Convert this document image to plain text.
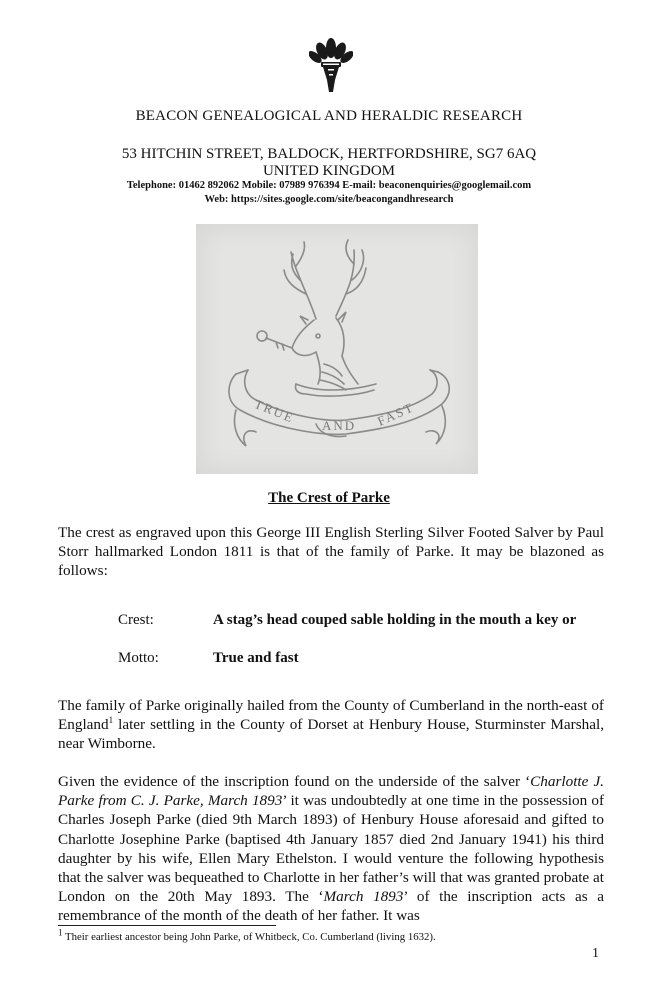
BEACON GENEALOGICAL AND HERALDIC RESEARCH
53 HITCHIN STREET, BALDOCK, HERTFORDSHIRE, SG7 6AQ
UNITED KINGDOM
Telephone: 01462 892062 Mobile: 07989 976394 E-mail: beaconenquiries@googlemail.com
Web: https://sites.google.com/site/beacongandhresearch
TRUE AND FAST
The Crest of Parke
The crest as engraved upon this George III English Sterling Silver Footed Salver by Paul Storr hallmarked London 1811 is that of the family of Parke. It may be blazoned as follows:
Crest:	A stag’s head couped sable holding in the mouth a key or
Motto:	True and fast
The family of Parke originally hailed from the County of Cumberland in the north-east of England$^1$ later settling in the County of Dorset at Henbury House, Sturminster Marshal, near Wimborne.
Given the evidence of the inscription found on the underside of the salver ‘Charlotte J. Parke from C. J. Parke, March 1893’ it was undoubtedly at one time in the possession of Charles Joseph Parke (died 9th March 1893) of Henbury House aforesaid and gifted to Charlotte Josephine Parke (baptised 4th January 1857 died 2nd January 1941) his third daughter by his wife, Ellen Mary Ethelston. I would venture the following hypothesis that the salver was bequeathed to Charlotte in her father’s will that was granted probate at London on the 20th May 1893. The ‘March 1893’ of the inscription acts as a remembrance of the month of the death of her father. It was
$^1$ Their earliest ancestor being John Parke, of Whitbeck, Co. Cumberland (living 1632).
1
